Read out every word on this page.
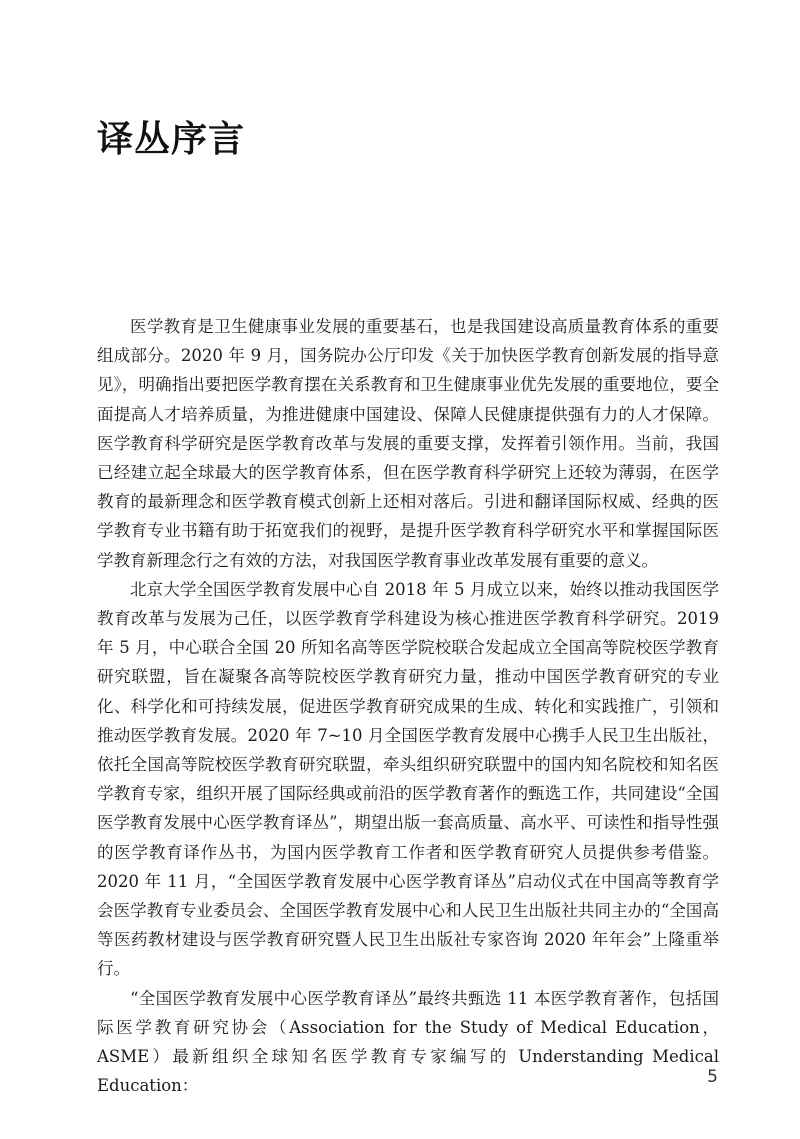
译丛序言

医学教育是卫生健康事业发展的重要基石，也是我国建设高质量教育体系的重要组成部分。2020 年 9 月，国务院办公厅印发《关于加快医学教育创新发展的指导意见》，明确指出要把医学教育摆在关系教育和卫生健康事业优先发展的重要地位，要全面提高人才培养质量，为推进健康中国建设、保障人民健康提供强有力的人才保障。医学教育科学研究是医学教育改革与发展的重要支撑，发挥着引领作用。当前，我国已经建立起全球最大的医学教育体系，但在医学教育科学研究上还较为薄弱，在医学教育的最新理念和医学教育模式创新上还相对落后。引进和翻译国际权威、经典的医学教育专业书籍有助于拓宽我们的视野，是提升医学教育科学研究水平和掌握国际医学教育新理念行之有效的方法，对我国医学教育事业改革发展有重要的意义。

北京大学全国医学教育发展中心自 2018 年 5 月成立以来，始终以推动我国医学教育改革与发展为己任，以医学教育学科建设为核心推进医学教育科学研究。2019 年 5 月，中心联合全国 20 所知名高等医学院校联合发起成立全国高等院校医学教育研究联盟，旨在凝聚各高等院校医学教育研究力量，推动中国医学教育研究的专业化、科学化和可持续发展，促进医学教育研究成果的生成、转化和实践推广，引领和推动医学教育发展。2020 年 7~10 月全国医学教育发展中心携手人民卫生出版社，依托全国高等院校医学教育研究联盟，牵头组织研究联盟中的国内知名院校和知名医学教育专家，组织开展了国际经典或前沿的医学教育著作的甄选工作，共同建设“全国医学教育发展中心医学教育译丛”，期望出版一套高质量、高水平、可读性和指导性强的医学教育译作丛书，为国内医学教育工作者和医学教育研究人员提供参考借鉴。2020 年 11 月，“全国医学教育发展中心医学教育译丛”启动仪式在中国高等教育学会医学教育专业委员会、全国医学教育发展中心和人民卫生出版社共同主办的“全国高等医药教材建设与医学教育研究暨人民卫生出版社专家咨询 2020 年年会”上隆重举行。

“全国医学教育发展中心医学教育译丛”最终共甄选 11 本医学教育著作，包括国际医学教育研究协会（Association for the Study of Medical Education，ASME）最新组织全球知名医学教育专家编写的 Understanding Medical Education：	5
